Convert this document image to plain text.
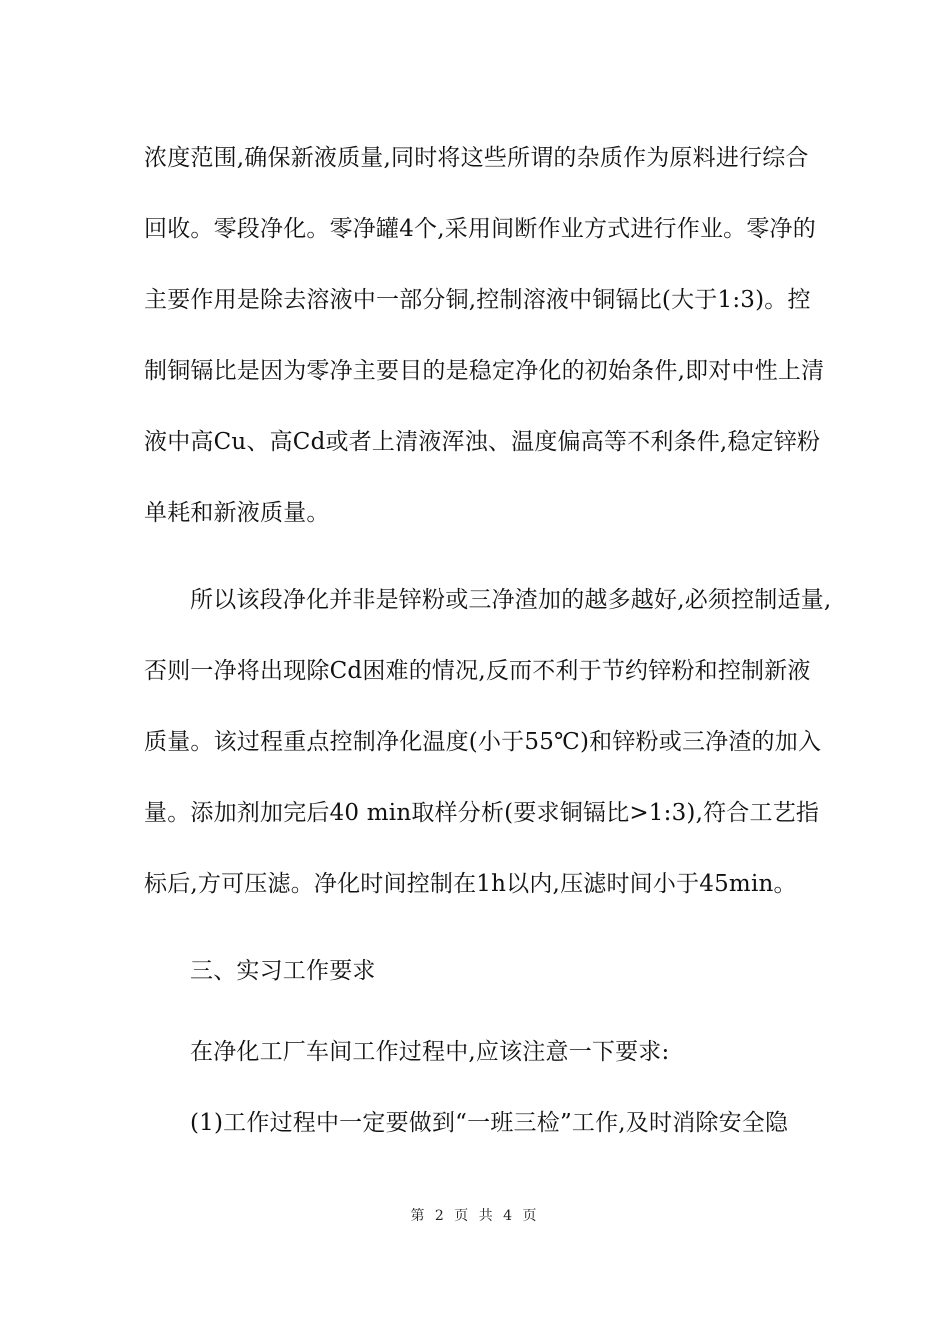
浓度范围,确保新液质量,同时将这些所谓的杂质作为原料进行综合
回收。零段净化。零净罐4个,采用间断作业方式进行作业。零净的
主要作用是除去溶液中一部分铜,控制溶液中铜镉比(大于1:3)。控
制铜镉比是因为零净主要目的是稳定净化的初始条件,即对中性上清
液中高Cu、高Cd或者上清液浑浊、温度偏高等不利条件,稳定锌粉
单耗和新液质量。
所以该段净化并非是锌粉或三净渣加的越多越好,必须控制适量,
否则一净将出现除Cd困难的情况,反而不利于节约锌粉和控制新液
质量。该过程重点控制净化温度(小于55℃)和锌粉或三净渣的加入
量。添加剂加完后40 min取样分析(要求铜镉比>1:3),符合工艺指
标后,方可压滤。净化时间控制在1h以内,压滤时间小于45min。
三、实习工作要求
在净化工厂车间工作过程中,应该注意一下要求:
(1)工作过程中一定要做到“一班三检”工作,及时消除安全隐
第 2 页 共 4 页
